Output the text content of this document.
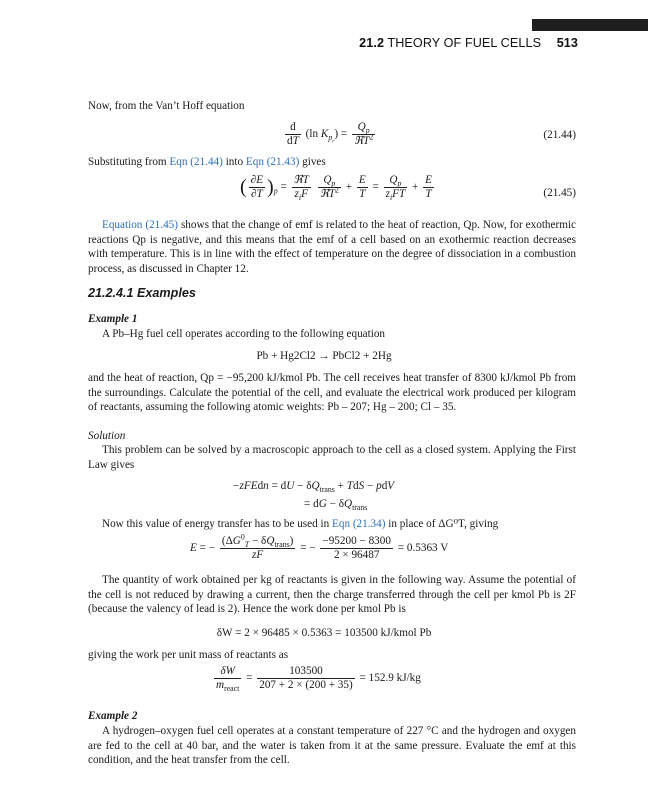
21.2 THEORY OF FUEL CELLS 513

Now, from the Van’t Hoff equation

$\frac{d}{dT} (\ln$ $K_{p_r}) = \frac{Q_p}{ℜT^2}$	(21.44)

Substituting from Eqn (21.44) into Eqn (21.43) gives

( $\frac{\partial E}{\partial T} )_p = \frac{\text{ℜT}}{z_iF}$
$\frac{Q_p}{ℜT^2} + \frac{E}{T} = \frac{Q_p}{z_iFT} + \frac{E}{T}$	(21.45)

Equation (21.45) shows that the change of emf is related to the heat of reaction, Qp. Now, for exothermic reactions Qp is negative, and this means that the emf of a cell based on an exothermic reaction decreases with temperature. This is in line with the effect of temperature on the degree of dissociation in a combustion process, as discussed in Chapter 12.

21.2.4.1 Examples
Example 1

A Pb–Hg fuel cell operates according to the following equation

Pb + Hg2Cl2 → PbCl2 + 2Hg

and the heat of reaction, Qp = −95,200 kJ/kmol Pb. The cell receives heat transfer of 8300 kJ/kmol Pb from the surroundings. Calculate the potential of the cell, and evaluate the electrical work produced per kilogram of reactants, assuming the following atomic weights: Pb – 207; Hg – 200; Cl – 35.

Solution

This problem can be solved by a macroscopic approach to the cell as a closed system. Applying the First Law gives

−zFEdn = dU − $\delta Q_{trans}$ + TdS − pdV
= dG − $\delta Q_{trans}$

Now this value of energy transfer has to be used in Eqn (21.34) in place of ΔG⁰T, giving

E = − $\frac{(\Delta G^0_T - \delta Q_{trans})}{zF}$ = − $\frac{-95200 - 8300}{2 \times 96487} = 0.5363$ V

The quantity of work obtained per kg of reactants is given in the following way. Assume the potential of the cell is not reduced by drawing a current, then the charge transferred through the cell per kmol Pb is 2F (because the valency of lead is 2). Hence the work done per kmol Pb is

δW = 2 × 96485 × 0.5363 = 103500 kJ/kmol Pb

giving the work per unit mass of reactants as

$\frac{\delta W}{m_{react}} = \frac{103500}{207 + 2 \times (200 + 35)} = 152.9$ kJ/kg
Example 2

A hydrogen–oxygen fuel cell operates at a constant temperature of 227 °C and the hydrogen and oxygen are fed to the cell at 40 bar, and the water is taken from it at the same pressure. Evaluate the emf at this condition, and the heat transfer from the cell.
